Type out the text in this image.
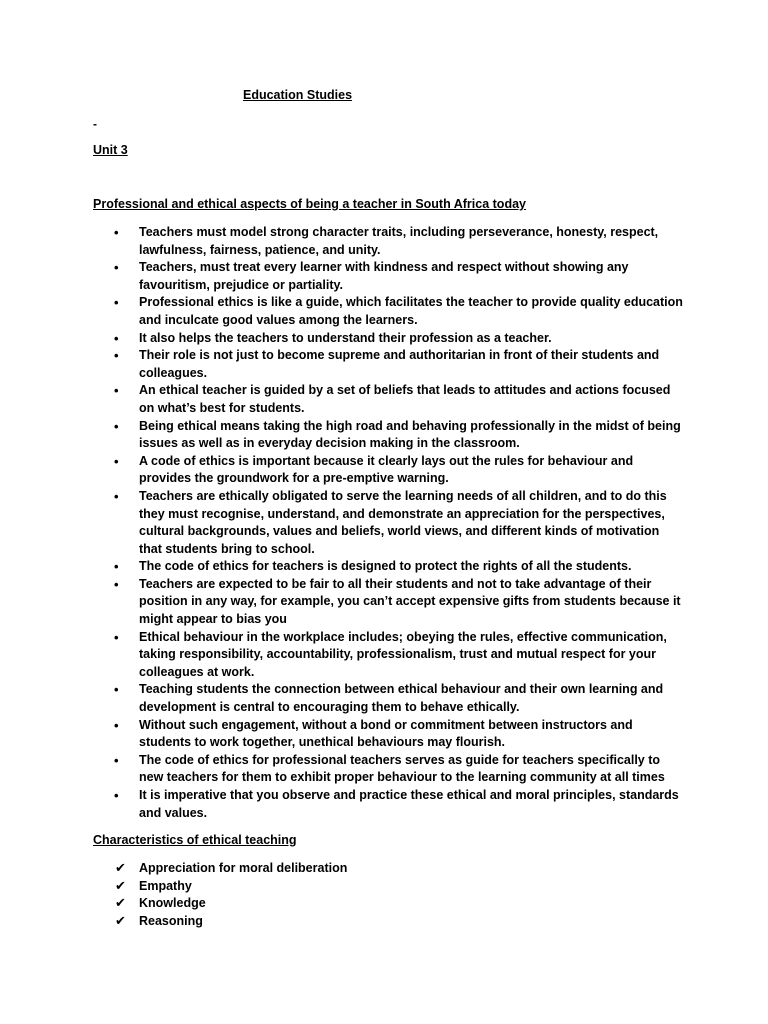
Education Studies

-

Unit 3

Professional and ethical aspects of being a teacher in South Africa today

• Teachers must model strong character traits, including perseverance, honesty, respect, lawfulness, fairness, patience, and unity.
• Teachers, must treat every learner with kindness and respect without showing any favouritism, prejudice or partiality.
• Professional ethics is like a guide, which facilitates the teacher to provide quality education and inculcate good values among the learners.
• It also helps the teachers to understand their profession as a teacher.
• Their role is not just to become supreme and authoritarian in front of their students and colleagues.
• An ethical teacher is guided by a set of beliefs that leads to attitudes and actions focused on what’s best for students.
• Being ethical means taking the high road and behaving professionally in the midst of being issues as well as in everyday decision making in the classroom.
• A code of ethics is important because it clearly lays out the rules for behaviour and provides the groundwork for a pre-emptive warning.
• Teachers are ethically obligated to serve the learning needs of all children, and to do this they must recognise, understand, and demonstrate an appreciation for the perspectives, cultural backgrounds, values and beliefs, world views, and different kinds of motivation that students bring to school.
• The code of ethics for teachers is designed to protect the rights of all the students.
• Teachers are expected to be fair to all their students and not to take advantage of their position in any way, for example, you can’t accept expensive gifts from students because it might appear to bias you
• Ethical behaviour in the workplace includes; obeying the rules, effective communication, taking responsibility, accountability, professionalism, trust and mutual respect for your colleagues at work.
• Teaching students the connection between ethical behaviour and their own learning and development is central to encouraging them to behave ethically.
• Without such engagement, without a bond or commitment between instructors and students to work together, unethical behaviours may flourish.
• The code of ethics for professional teachers serves as guide for teachers specifically to new teachers for them to exhibit proper behaviour to the learning community at all times
• It is imperative that you observe and practice these ethical and moral principles, standards and values.

Characteristics of ethical teaching

✔ Appreciation for moral deliberation
✔ Empathy
✔ Knowledge
✔ Reasoning
